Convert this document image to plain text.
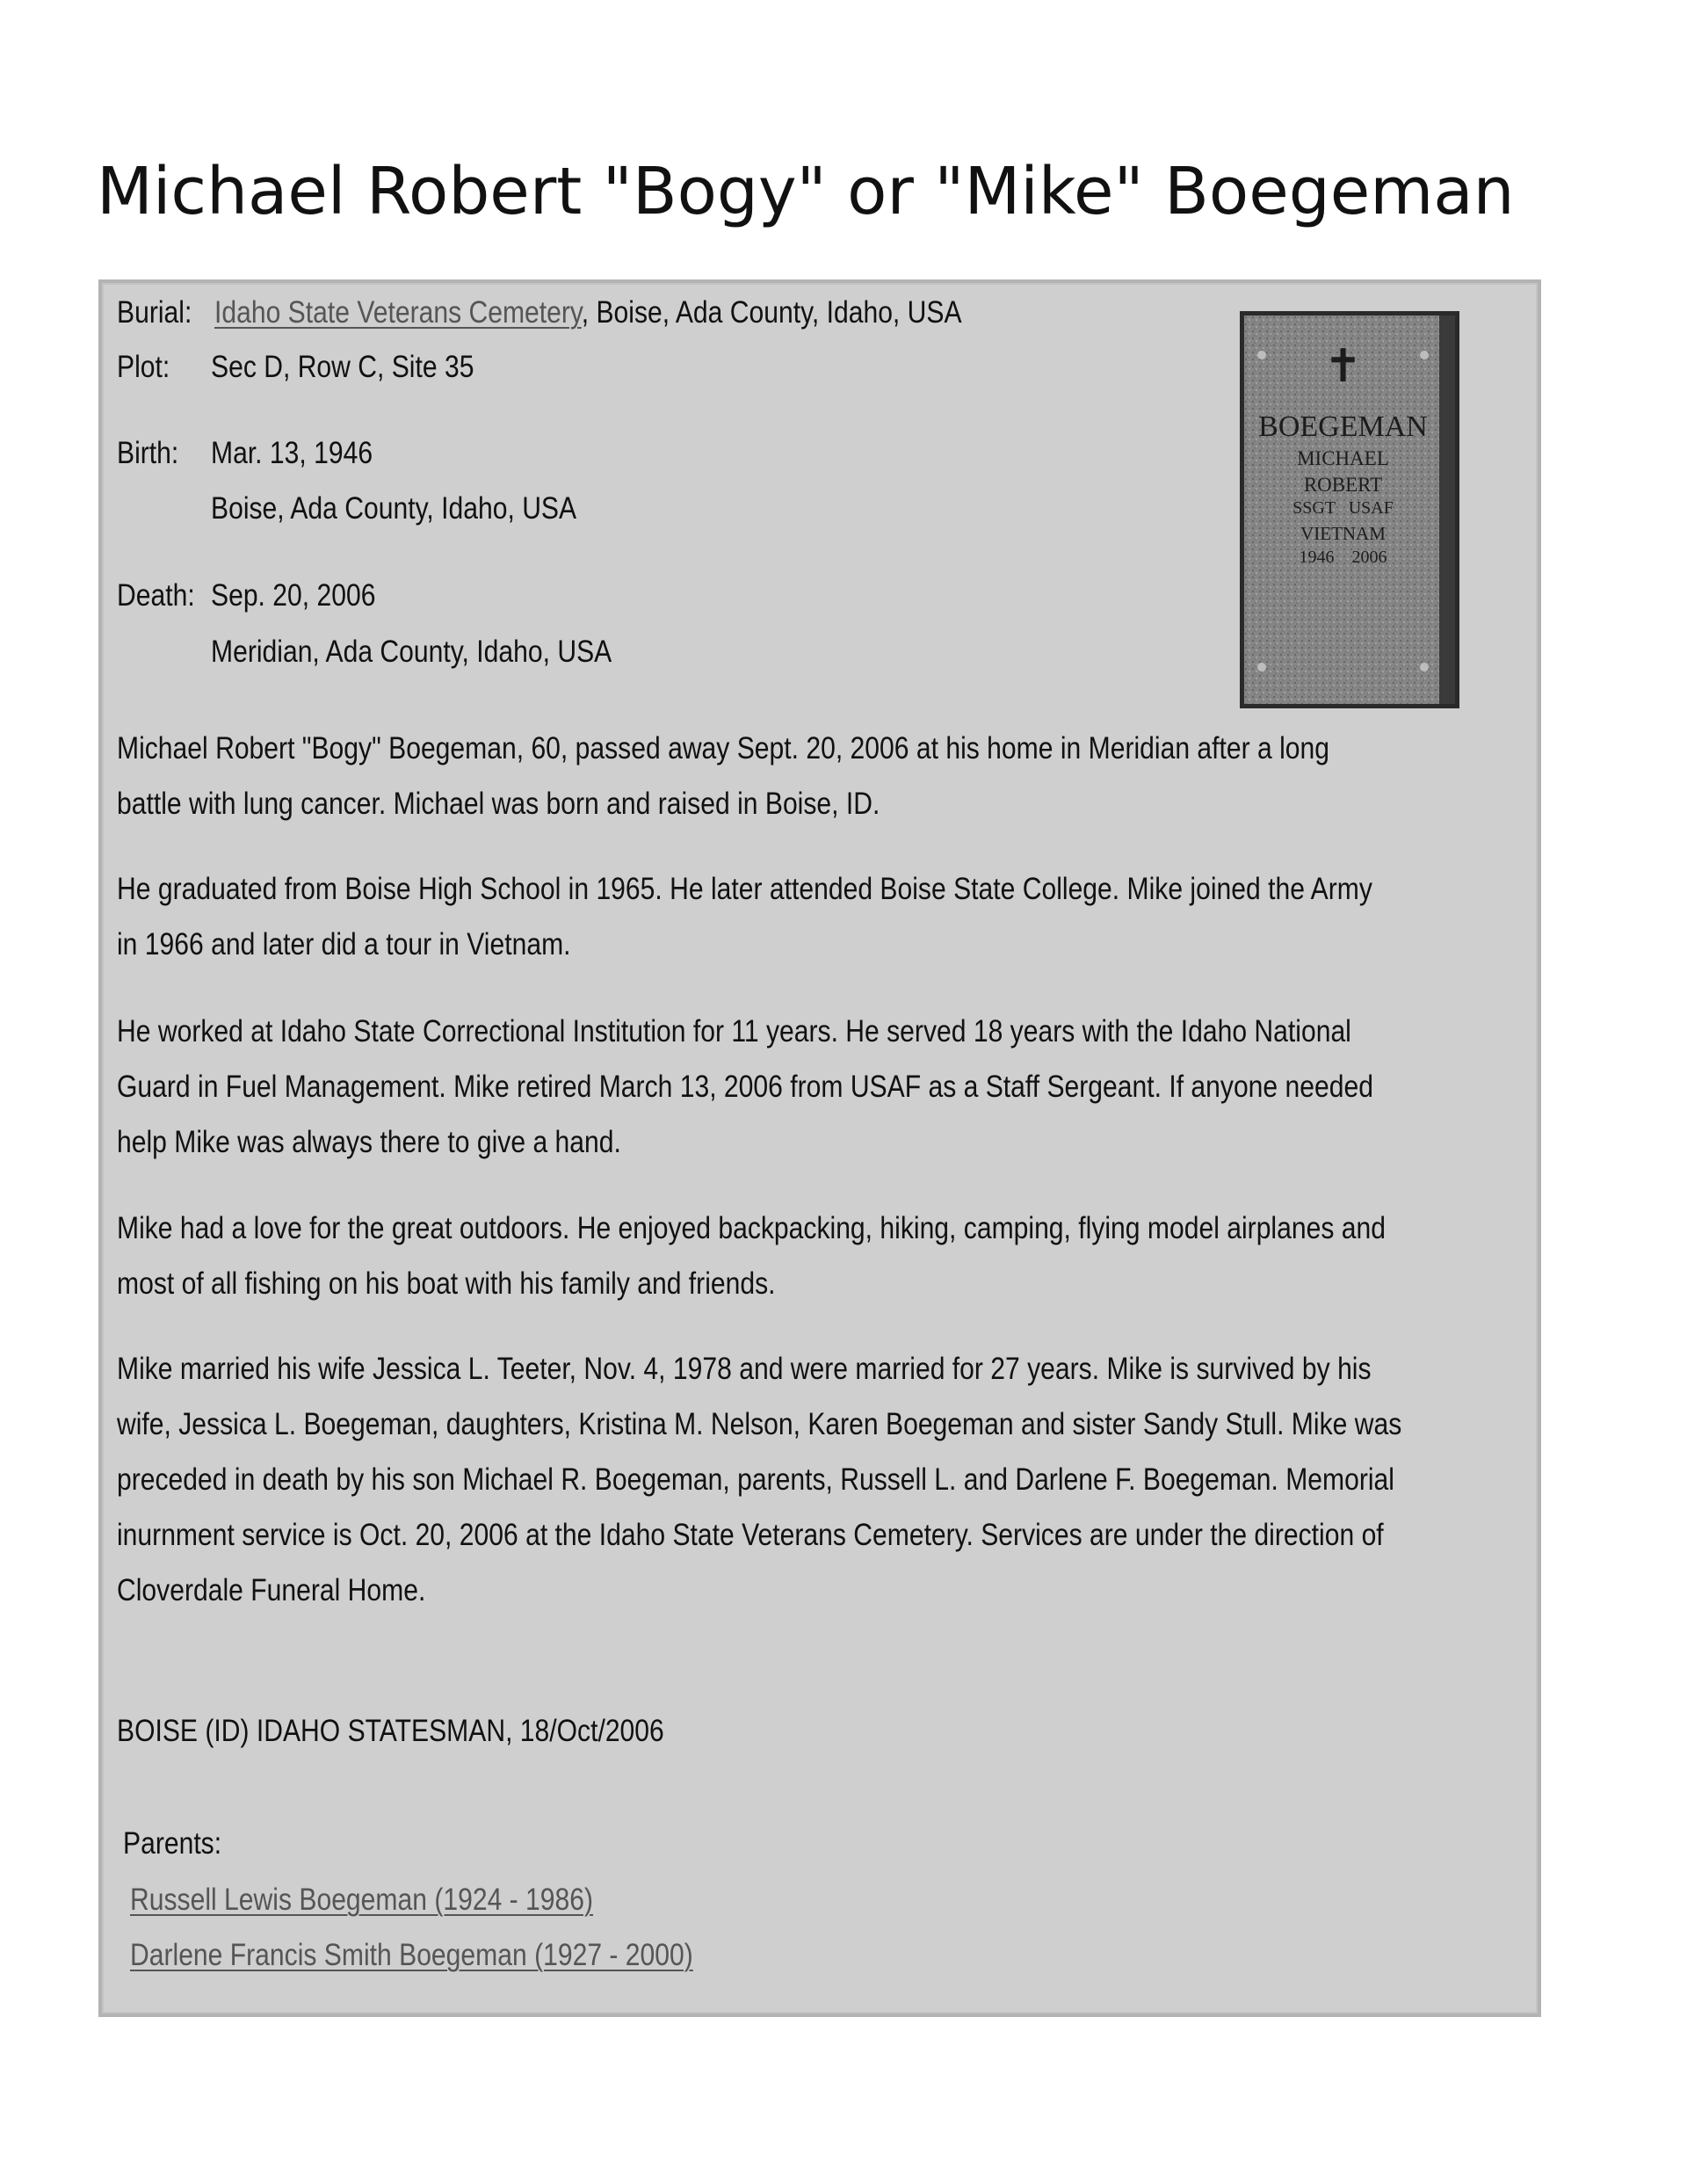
Michael Robert "Bogy" or "Mike" Boegeman
Burial: Idaho State Veterans Cemetery, Boise, Ada County, Idaho, USA
Plot: Sec D, Row C, Site 35
Birth: Mar. 13, 1946
Boise, Ada County, Idaho, USA
Death: Sep. 20, 2006
Meridian, Ada County, Idaho, USA
✝
BOEGEMAN
MICHAEL
ROBERT
SSGT   USAF
VIETNAM
1946    2006
Michael Robert "Bogy" Boegeman, 60, passed away Sept. 20, 2006 at his home in Meridian after a long
battle with lung cancer. Michael was born and raised in Boise, ID.
He graduated from Boise High School in 1965. He later attended Boise State College. Mike joined the Army
in 1966 and later did a tour in Vietnam.
He worked at Idaho State Correctional Institution for 11 years. He served 18 years with the Idaho National
Guard in Fuel Management. Mike retired March 13, 2006 from USAF as a Staff Sergeant. If anyone needed
help Mike was always there to give a hand.
Mike had a love for the great outdoors. He enjoyed backpacking, hiking, camping, flying model airplanes and
most of all fishing on his boat with his family and friends.
Mike married his wife Jessica L. Teeter, Nov. 4, 1978 and were married for 27 years. Mike is survived by his
wife, Jessica L. Boegeman, daughters, Kristina M. Nelson, Karen Boegeman and sister Sandy Stull. Mike was
preceded in death by his son Michael R. Boegeman, parents, Russell L. and Darlene F. Boegeman. Memorial
inurnment service is Oct. 20, 2006 at the Idaho State Veterans Cemetery. Services are under the direction of
Cloverdale Funeral Home.
BOISE (ID) IDAHO STATESMAN, 18/Oct/2006
Parents:
Russell Lewis Boegeman (1924 - 1986)
Darlene Francis Smith Boegeman (1927 - 2000)
